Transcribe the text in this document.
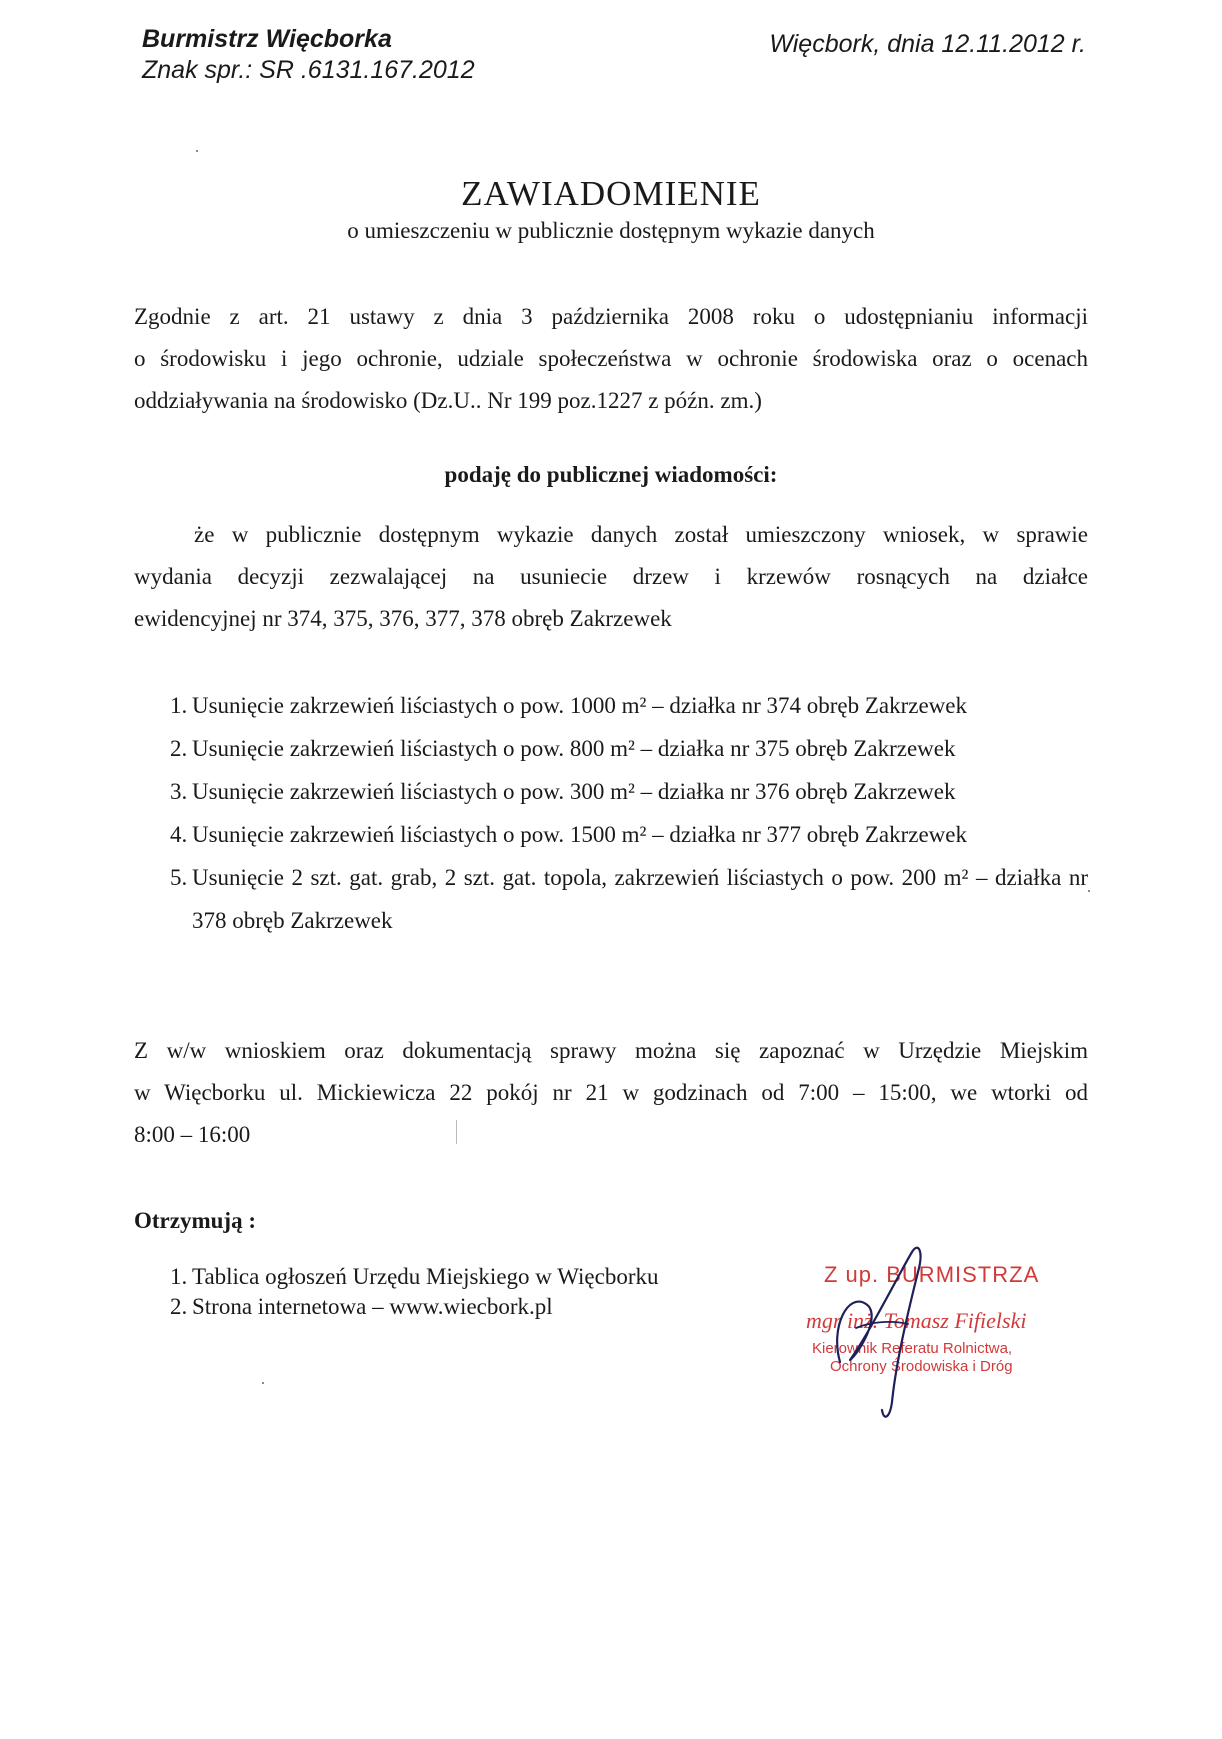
Burmistrz Więcborka
Znak spr.: SR .6131.167.2012
Więcbork, dnia 12.11.2012 r.
ZAWIADOMIENIE
o umieszczeniu w publicznie dostępnym wykazie danych
Zgodnie z art. 21 ustawy z dnia 3 października 2008 roku o udostępnianiu informacji
o środowisku i jego ochronie, udziale społeczeństwa w ochronie środowiska oraz o ocenach
oddziaływania na środowisko (Dz.U.. Nr 199 poz.1227 z późn. zm.)
podaję do publicznej wiadomości:
że w publicznie dostępnym wykazie danych został umieszczony wniosek, w sprawie
wydania decyzji zezwalającej na usuniecie drzew i krzewów rosnących na działce
ewidencyjnej nr 374, 375, 376, 377, 378 obręb Zakrzewek
1. Usunięcie zakrzewień liściastych o pow. 1000 m² – działka nr 374 obręb Zakrzewek
2. Usunięcie zakrzewień liściastych o pow. 800 m² – działka nr 375 obręb Zakrzewek
3. Usunięcie zakrzewień liściastych o pow. 300 m² – działka nr 376 obręb Zakrzewek
4. Usunięcie zakrzewień liściastych o pow. 1500 m² – działka nr 377 obręb Zakrzewek
5. Usunięcie 2 szt. gat. grab, 2 szt. gat. topola, zakrzewień liściastych o pow. 200 m² – działka nr 378 obręb Zakrzewek
Z w/w wnioskiem oraz dokumentacją sprawy można się zapoznać w Urzędzie Miejskim
w Więcborku ul. Mickiewicza 22 pokój nr 21 w godzinach od 7:00 – 15:00, we wtorki od
8:00 – 16:00
Otrzymują :
1. Tablica ogłoszeń Urzędu Miejskiego w Więcborku
2. Strona internetowa – www.wiecbork.pl
Z up. BURMISTRZA
mgr inż. Tomasz Fifielski
Kierownik Referatu Rolnictwa,
Ochrony Środowiska i Dróg
